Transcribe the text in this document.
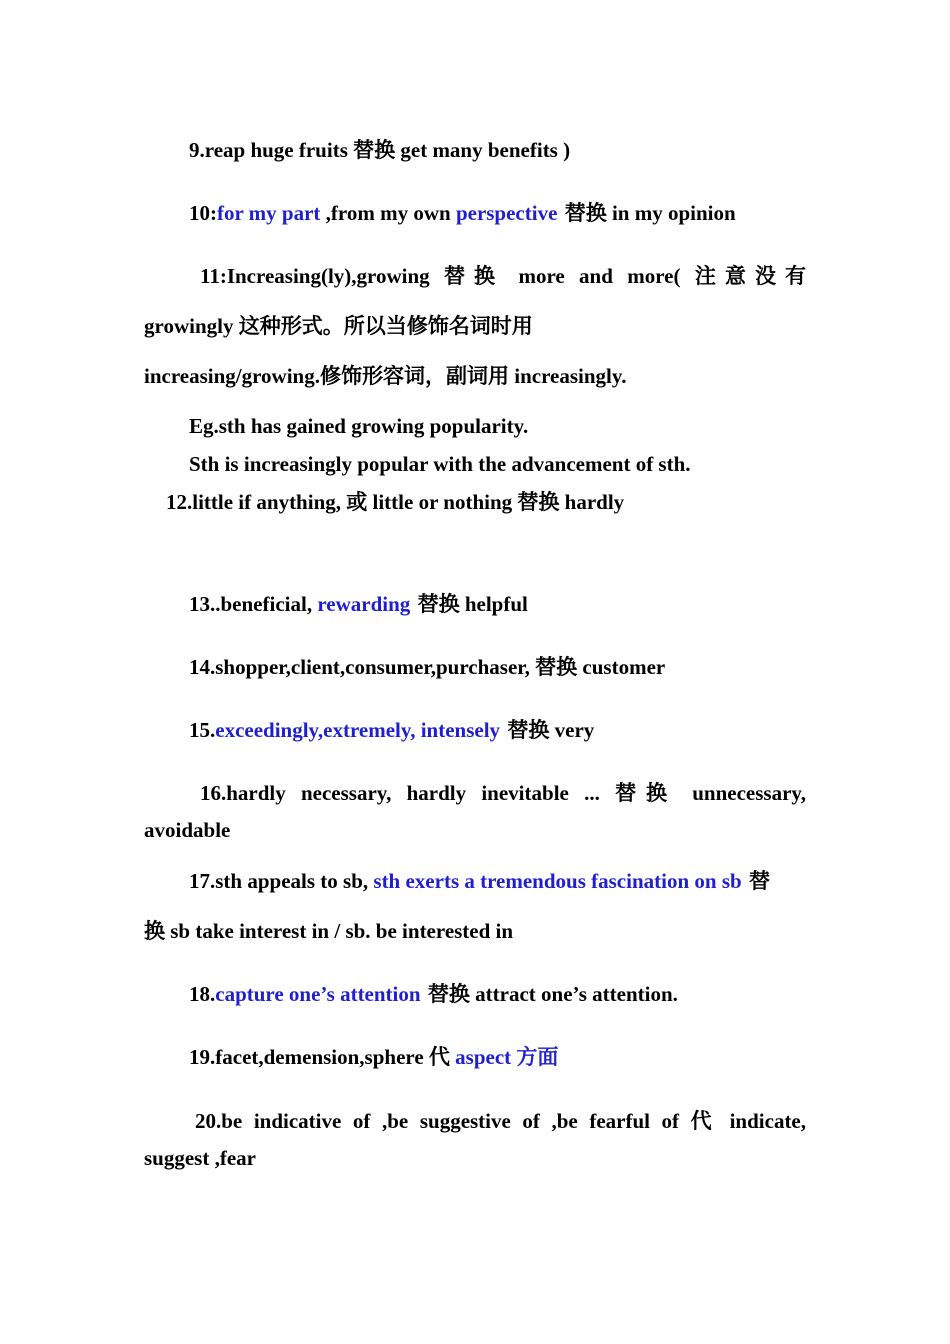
9.reap huge fruits 替换 get many benefits )
10:for my part ,from my own perspective 替换 in my opinion
11:Increasing(ly),growing 替换 more and more( 注意没有
growingly 这种形式。所以当修饰名词时用
increasing/growing.修饰形容词，副词用 increasingly.
Eg.sth has gained growing popularity.
Sth is increasingly popular with the advancement of sth.
12.little if anything, 或 little or nothing 替换 hardly
13..beneficial, rewarding 替换 helpful
14.shopper,client,consumer,purchaser, 替换 customer
15.exceedingly,extremely, intensely 替换 very
16.hardly necessary, hardly inevitable ... 替换 unnecessary,
avoidable
17.sth appeals to sb, sth exerts a tremendous fascination on sb 替
换 sb take interest in / sb. be interested in
18.capture one’s attention 替换 attract one’s attention.
19.facet,demension,sphere 代 aspect 方面
20.be indicative of ,be suggestive of ,be fearful of 代 indicate,
suggest ,fear
